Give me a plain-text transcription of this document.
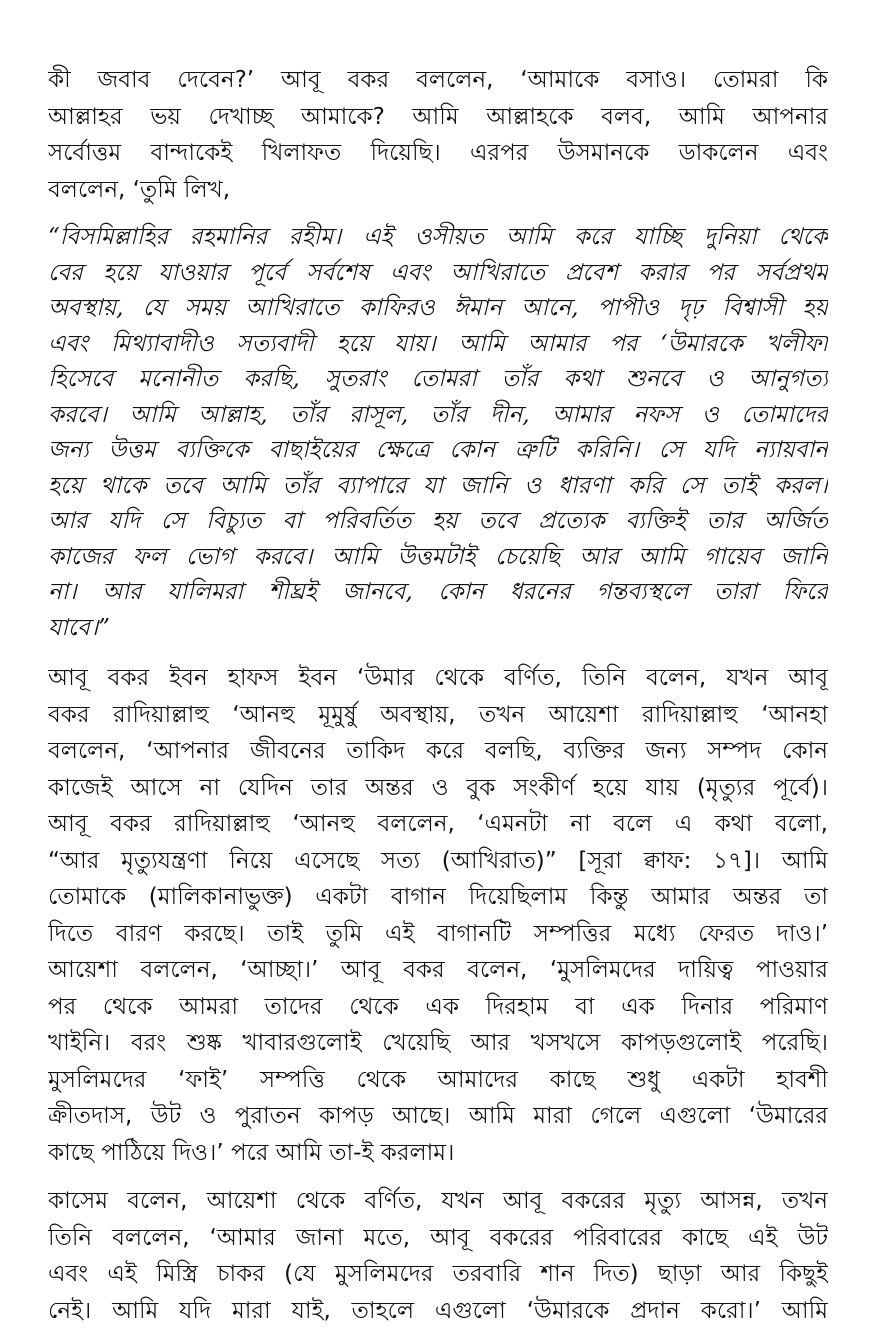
কী জবাব দেবেন?’ আবূ বকর বললেন, ‘আমাকে বসাও। তোমরা কি
আল্লাহর ভয় দেখাচ্ছ আমাকে? আমি আল্লাহকে বলব, আমি আপনার
সর্বোত্তম বান্দাকেই খিলাফত দিয়েছি। এরপর উসমানকে ডাকলেন এবং
বললেন, ‘তুমি লিখ,
“বিসমিল্লাহির রহমানির রহীম। এই ওসীয়ত আমি করে যাচ্ছি দুনিয়া থেকে
বের হয়ে যাওয়ার পূর্বে সর্বশেষ এবং আখিরাতে প্রবেশ করার পর সর্বপ্রথম
অবস্থায়, যে সময় আখিরাতে কাফিরও ঈমান আনে, পাপীও দৃঢ় বিশ্বাসী হয়
এবং মিথ্যাবাদীও সত্যবাদী হয়ে যায়। আমি আমার পর ‘উমারকে খলীফা
হিসেবে মনোনীত করছি, সুতরাং তোমরা তাঁর কথা শুনবে ও আনুগত্য
করবে। আমি আল্লাহ, তাঁর রাসূল, তাঁর দীন, আমার নফস ও তোমাদের
জন্য উত্তম ব্যক্তিকে বাছাইয়ের ক্ষেত্রে কোন ত্রুটি করিনি। সে যদি ন্যায়বান
হয়ে থাকে তবে আমি তাঁর ব্যাপারে যা জানি ও ধারণা করি সে তাই করল।
আর যদি সে বিচ্যুত বা পরিবর্তিত হয় তবে প্রত্যেক ব্যক্তিই তার অর্জিত
কাজের ফল ভোগ করবে। আমি উত্তমটাই চেয়েছি আর আমি গায়েব জানি
না। আর যালিমরা শীঘ্রই জানবে, কোন ধরনের গন্তব্যস্থলে তারা ফিরে
যাবে।”
আবূ বকর ইবন হাফস ইবন ‘উমার থেকে বর্ণিত, তিনি বলেন, যখন আবূ
বকর রাদিয়াল্লাহু ‘আনহু মূমুর্ষু অবস্থায়, তখন আয়েশা রাদিয়াল্লাহু ‘আনহা
বললেন, ‘আপনার জীবনের তাকিদ করে বলছি, ব্যক্তির জন্য সম্পদ কোন
কাজেই আসে না যেদিন তার অন্তর ও বুক সংকীর্ণ হয়ে যায় (মৃত্যুর পূর্বে)।
আবূ বকর রাদিয়াল্লাহু ‘আনহু বললেন, ‘এমনটা না বলে এ কথা বলো,
“আর মৃত্যুযন্ত্রণা নিয়ে এসেছে সত্য (আখিরাত)” [সূরা ক্বাফ: ১৭]। আমি
তোমাকে (মালিকানাভুক্ত) একটা বাগান দিয়েছিলাম কিন্তু আমার অন্তর তা
দিতে বারণ করছে। তাই তুমি এই বাগানটি সম্পত্তির মধ্যে ফেরত দাও।’
আয়েশা বললেন, ‘আচ্ছা।’ আবূ বকর বলেন, ‘মুসলিমদের দায়িত্ব পাওয়ার
পর থেকে আমরা তাদের থেকে এক দিরহাম বা এক দিনার পরিমাণ
খাইনি। বরং শুষ্ক খাবারগুলোই খেয়েছি আর খসখসে কাপড়গুলোই পরেছি।
মুসলিমদের ‘ফাই’ সম্পত্তি থেকে আমাদের কাছে শুধু একটা হাবশী
ক্রীতদাস, উট ও পুরাতন কাপড় আছে। আমি মারা গেলে এগুলো ‘উমারের
কাছে পাঠিয়ে দিও।’ পরে আমি তা-ই করলাম।
কাসেম বলেন, আয়েশা থেকে বর্ণিত, যখন আবূ বকরের মৃত্যু আসন্ন, তখন
তিনি বললেন, ‘আমার জানা মতে, আবূ বকরের পরিবারের কাছে এই উট
এবং এই মিস্ত্রি চাকর (যে মুসলিমদের তরবারি শান দিত) ছাড়া আর কিছুই
নেই। আমি যদি মারা যাই, তাহলে এগুলো ‘উমারকে প্রদান করো।’ আমি
